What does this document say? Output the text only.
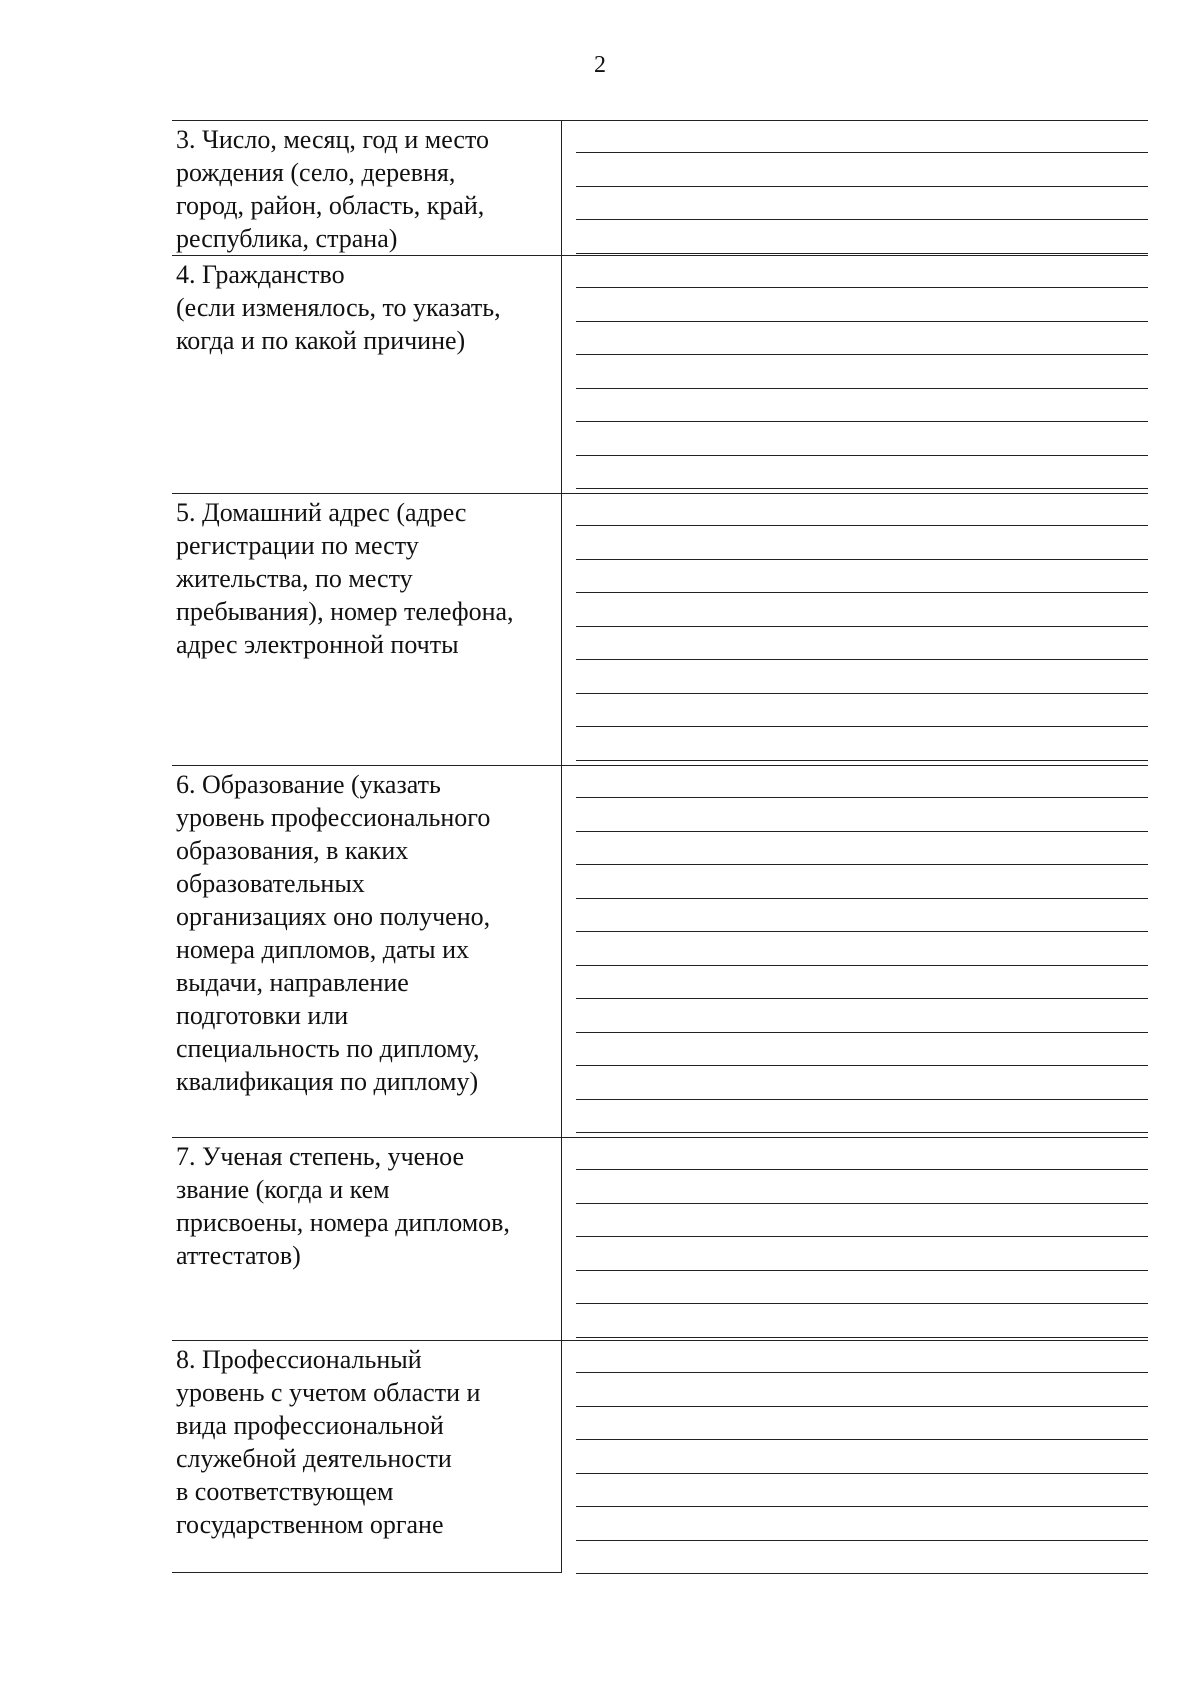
2
3. Число, месяц, год и место
рождения (село, деревня,
город, район, область, край,
республика, страна)
4. Гражданство
(если изменялось, то указать,
когда и по какой причине)
5. Домашний адрес (адрес
регистрации по месту
жительства, по месту
пребывания), номер телефона,
адрес электронной почты
6. Образование (указать
уровень профессионального
образования, в каких
образовательных
организациях оно получено,
номера дипломов, даты их
выдачи, направление
подготовки или
специальность по диплому,
квалификация по диплому)
7. Ученая степень, ученое
звание (когда и кем
присвоены, номера дипломов,
аттестатов)
8. Профессиональный
уровень с учетом области и
вида профессиональной
служебной деятельности
в соответствующем
государственном органе
